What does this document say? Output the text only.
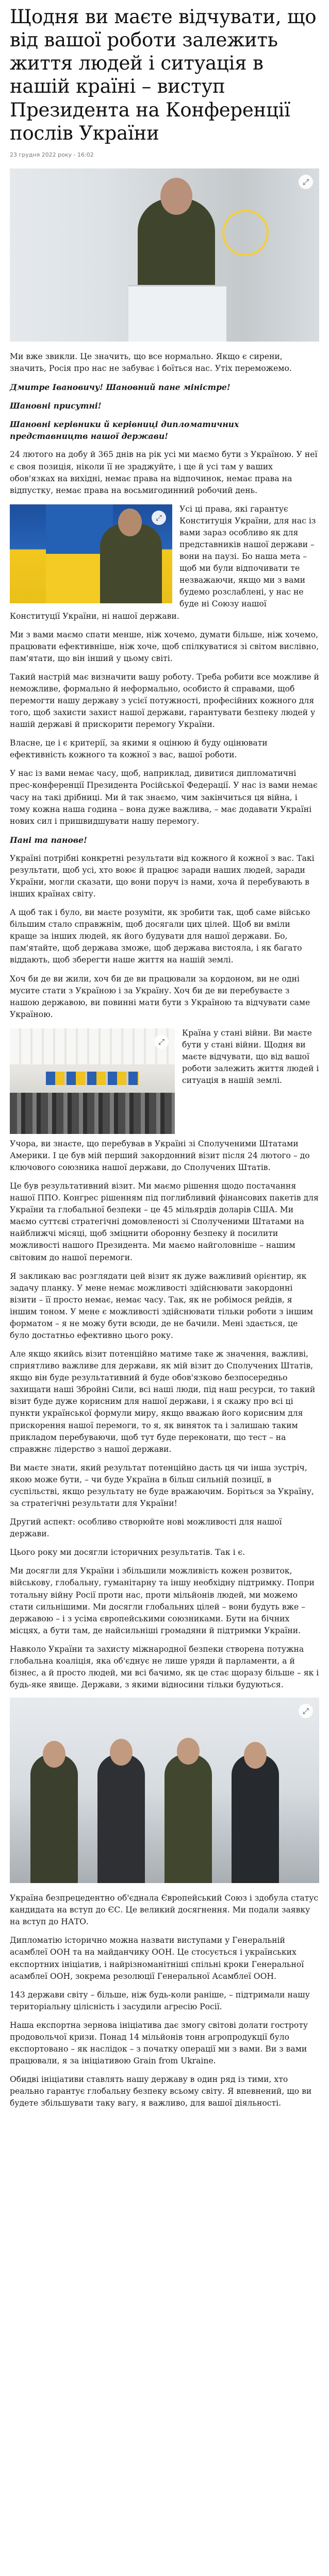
Щодня ви маєте відчувати, що від вашої роботи залежить життя людей і ситуація в нашій країні – виступ Президента на Конференції послів України
23 грудня 2022 року - 16:02
⤢

Ми вже звикли. Це значить, що все нормально. Якщо є сирени, значить, Росія про нас не забуває і боїться нас. Утіх переможемо.

Дмитре Івановичу! Шановний пане міністре!

Шановні присутні!

Шановні керівники й керівниці дипломатичних представництв нашої держави!

24 лютого на добу й 365 днів на рік усі ми маємо бути з Україною. У неї є своя позиція, ніколи її не зраджуйте, і ще й усі там у ваших обов'язках на вихідні, немає права на відпочинок, немає права на відпустку, немає права на восьмигодинний робочий день.

⤢

Усі ці права, які гарантує Конституція України, для нас із вами зараз особливо як для представників нашої держави – вони на паузі. Бо наша мета – щоб ми були відпочивати те незважаючи, якщо ми з вами будемо розслаблені, у нас не буде ні Союзу нашої Конституції України, ні нашої держави.

Ми з вами маємо спати менше, ніж хочемо, думати більше, ніж хочемо, працювати ефективніше, ніж хоче, щоб спілкуватися зі світом вислівно, пам'ятати, що він інший у цьому світі.

Такий настрій має визначити вашу роботу. Треба робити все можливе й неможливе, формально й неформально, особисто й справами, щоб перемогти нашу державу з усієї потужності, професійних кожного для того, щоб захисти захист нашої держави, гарантувати безпеку людей у нашій державі й прискорити перемогу України.

Власне, це і є критерії, за якими я оцінюю й буду оцінювати ефективність кожного та кожної з вас, вашої роботи.

У нас із вами немає часу, щоб, наприклад, дивитися дипломатичні прес-конференції Президента Російської Федерації. У нас із вами немає часу на такі дрібниці. Ми й так знаємо, чим закінчиться ця війна, і тому кожна наша година – вона дуже важлива, – має додавати Україні нових сил і пришвидшувати нашу перемогу.

Пані та панове!

Україні потрібні конкретні результати від кожного й кожної з вас. Такі результати, щоб усі, хто воює й працює заради наших людей, заради України, могли сказати, що вони поруч із нами, хоча й перебувають в інших країнах світу.

А щоб так і було, ви маєте розуміти, як зробити так, щоб саме військо більшим стало справжнім, щоб досягали цих цілей. Щоб ви вміли краще за інших людей, як його будувати для нашої держави. Бо, пам'ятайте, щоб держава зможе, щоб держава вистояла, і як багато віддають, щоб зберегти наше життя на нашій землі.

Хоч би де ви жили, хоч би де ви працювали за кордоном, ви не одні мусите стати з Україною і за Україну. Хоч би де ви перебуваєте з нашою державою, ви повинні мати бути з Україною та відчувати саме Україною.

⤢

Країна у стані війни. Ви маєте бути у стані війни. Щодня ви маєте відчувати, що від вашої роботи залежить життя людей і ситуація в нашій землі.

Учора, ви знаєте, що перебував в Україні зі Сполученими Штатами Америки. І це був мій перший закордонний візит після 24 лютого – до ключового союзника нашої держави, до Сполучених Штатів.

Це був результативний візит. Ми маємо рішення щодо постачання нашої ППО. Конгрес рішенням під поглибливий фінансових пакетів для України та глобальної безпеки – це 45 мільярдів доларів США. Ми маємо суттєві стратегічні домовленості зі Сполученими Штатами на найближчі місяці, щоб зміцнити оборонну безпеку й посилити можливості нашого Президента. Ми маємо найголовніше – нашим світовим до нашої перемоги.

Я закликаю вас розглядати цей візит як дуже важливий орієнтир, як задачу планку. У мене немає можливості здійснювати закордонні візити – її просто немає, немає часу. Так, як не робімося рейдів, я іншим тоном. У мене є можливості здійснювати тільки роботи з іншим форматом – я не можу бути всюди, де не бачили. Мені здається, це було достатньо ефективно цього року.

Але якщо якийсь візит потенційно матиме таке ж значення, важливі, сприятливо важливе для держави, як мій візит до Сполучених Штатів, якщо він буде результативний й буде обов'язково безпосередньо захищати наші Збройні Сили, всі наші люди, під наш ресурси, то такий візит буде дуже корисним для нашої держави, і я скажу про всі ці пункти української формули миру, якщо вважаю його корисним для прискорення нашої перемоги, то я, як виняток та і залишаю таким прикладом перебуваючи, щоб тут буде переконати, що тест – на справжнє лідерство з нашої держави.

Ви маєте знати, який результат потенційно дасть ця чи інша зустріч, якою може бути, – чи буде Україна в більш сильній позиції, в суспільстві, якщо результату не буде вражаючим. Боріться за Україну, за стратегічні результати для України!

Другий аспект: особливо створюйте нові можливості для нашої держави.

Цього року ми досягли історичних результатів. Так і є.

Ми досягли для України і збільшили можливість кожен розвиток, військову, глобальну, гуманітарну та іншу необхідну підтримку. Попри тотальну війну Росії проти нас, проти мільйонів людей, ми можемо стати сильнішими. Ми досягли глобальних цілей – вони будуть вже – державою – і з усіма європейськими союзниками. Бути на бічних місцях, а бути там, де найсильніші громадяни й підтримки України.

Навколо України та захисту міжнародної безпеки створена потужна глобальна коаліція, яка об'єднує не лише уряди й парламенти, а й бізнес, а й просто людей, ми всі бачимо, як це стає щоразу більше – як і будь-яке явище. Держави, з якими відносини тільки будуються.

⤢

Україна безпрецедентно об'єднала Європейський Союз і здобула статус кандидата на вступ до ЄС. Це великий досягнення. Ми подали заявку на вступ до НАТО.

Дипломатію історично можна назвати виступами у Генеральній асамблеї ООН та на майданчику ООН. Це стосується і українських експортних ініціатив, і найрізноманітніші спільні кроки Генеральної асамблеї ООН, зокрема резолюції Генеральної Асамблеї ООН.

143 держави світу – більше, ніж будь-коли раніше, – підтримали нашу територіальну цілісність і засудили агресію Росії.

Наша експортна зернова ініціатива дає змогу світові долати гостроту продовольчої кризи. Понад 14 мільйонів тонн агропродукції було експортовано – як наслідок – з початку операції ми з вами. Ви з вами працювали, я за ініціативою Grain from Ukraine.

Обидві ініціативи ставлять нашу державу в один ряд із тими, хто реально гарантує глобальну безпеку всьому світу. Я впевнений, що ви будете збільшувати таку вагу, я важливо, для вашої діяльності.
